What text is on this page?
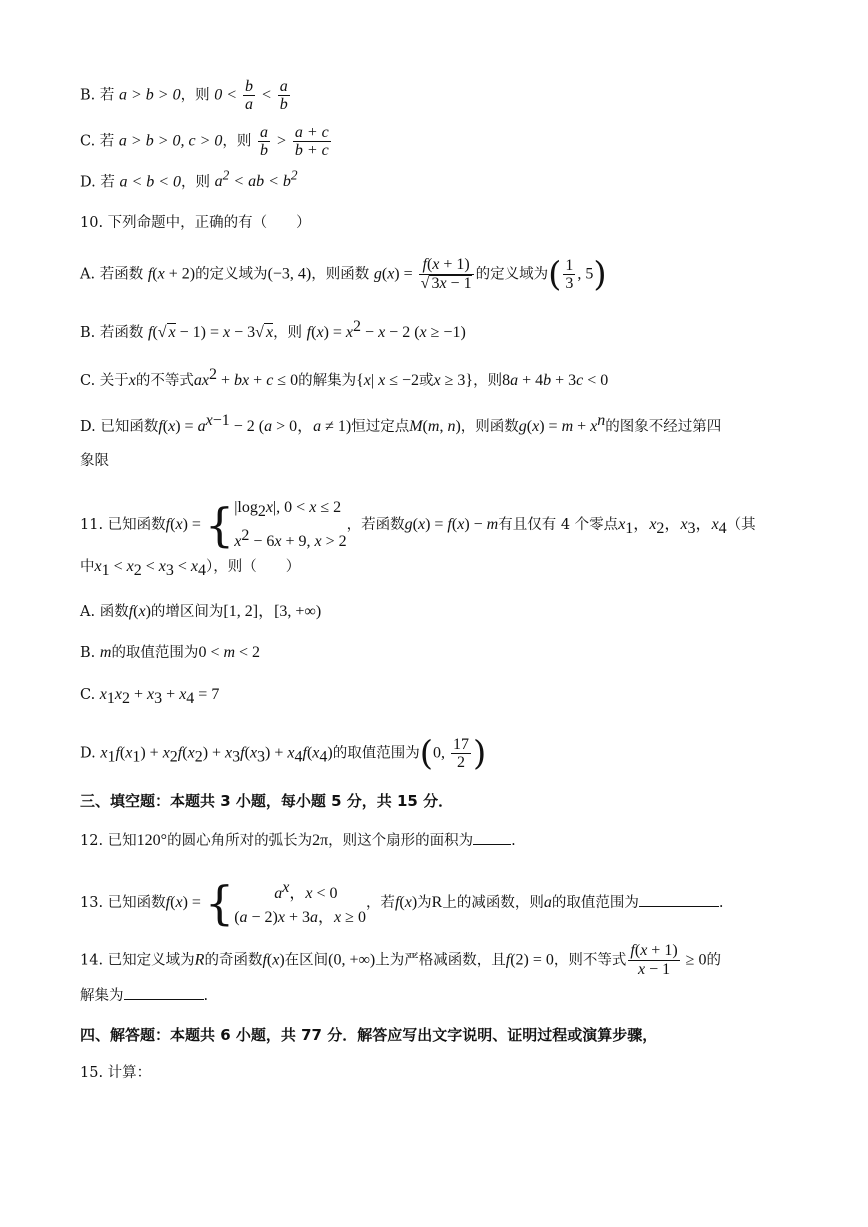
B. 若 a > b > 0，则 $0 < \frac{b}{a} < \frac{a}{b}$
C. 若 a > b > 0, c > 0，则 $\frac{a}{b} > \frac{a + c}{b + c}$
D. 若 a < b < 0，则 $a^2$ < ab < $b^2$
10. 下列命题中，正确的有（　　）
A. 若函数 f(x + 2)的定义域为(−3, 4)，则函数 $g(x) = \frac{f(x + 1)}{√ 3x - 1}$ 的定义域为( $\frac{1}{3}$ , 5)
B. 若函数 f(√ x − 1) = x − 3√ x，则 $f(x) = x^2 - x - 2$ (x ≥ −1)
C. 关于x的不等式$ax^2$ + bx + c ≤ 0的解集为{x| x ≤ −2或x ≥ 3}，则8a + 4b + 3c < 0
D. 已知函数$f(x) = a^{x-1} - 2$ (a > 0，a ≠ 1)恒过定点M(m, n)，则函数$g(x) = m + x^n$的图象不经过第四
象限
11. 已知函数f(x) = { $|\log_2x|$, 0 < x ≤ 2
$x^2 - 6x + 9$, x > 2
，若函数g(x) = f(x) − m有且仅有 4 个零点$x_1$，$x_2$，$x_3$，$x_4$（其
中$x_1 < x_2 < x_3 < x_4$），则（　　）
A. 函数f(x)的增区间为[1, 2]，[3, +∞)
B. m的取值范围为0 < m < 2
C. $x_1x_2 + x_3 + x_4 = 7$
D. $x_1f(x_1) + x_2f(x_2) + x_3f(x_3) + x_4f(x_4)$的取值范围为(0, $\frac{17}{2}$ )
三、填空题：本题共 3 小题，每小题 5 分，共 15 分．
12. 已知120°的圆心角所对的弧长为2π，则这个扇形的面积为	.
13. 已知函数f(x) = {	$a^x$，x < 0
(a − 2)x + 3a，x ≥ 0
，若f(x)为R上的减函数，则a的取值范围为	.
14. 已知定义域为R的奇函数f(x)在区间(0, +∞)上为严格减函数，且f(2) = 0，则不等式 $\frac{f(x + 1)}{x - 1} \ge 0$的
解集为	.
四、解答题：本题共 6 小题，共 77 分．解答应写出文字说明、证明过程或演算步骤，
15. 计算：
